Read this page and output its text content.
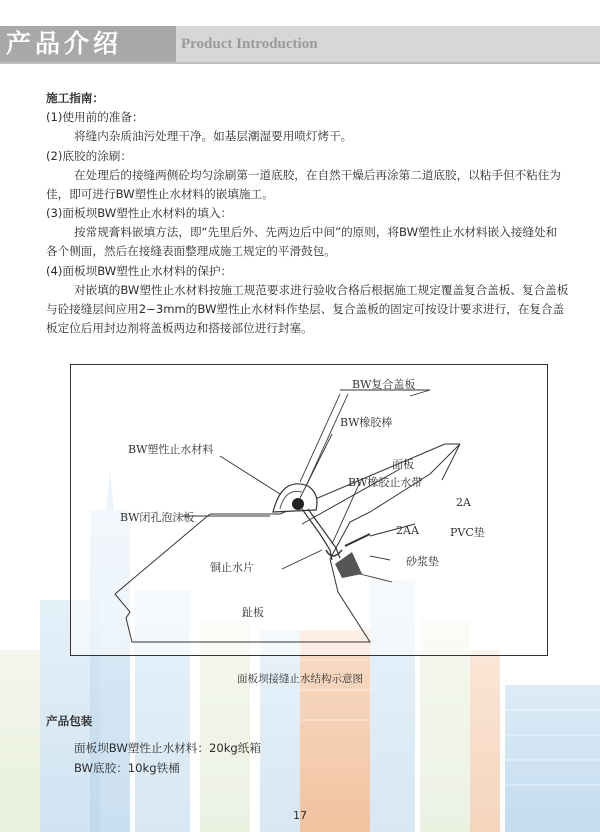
产品介绍	Product Introduction
施工指南：
(1)使用前的准备：
将缝内杂质油污处理干净。如基层潮湿要用喷灯烤干。
(2)底胶的涂刷：
在处理后的接缝两侧砼均匀涂刷第一道底胶，在自然干燥后再涂第二道底胶，以粘手但不粘住为
佳，即可进行BW塑性止水材料的嵌填施工。
(3)面板坝BW塑性止水材料的填入：
按常规膏料嵌填方法，即“先里后外、先两边后中间”的原则，将BW塑性止水材料嵌入接缝处和
各个侧面，然后在接缝表面整理成施工规定的平滑鼓包。
(4)面板坝BW塑性止水材料的保护：
对嵌填的BW塑性止水材料按施工规范要求进行验收合格后根据施工规定覆盖复合盖板、复合盖板
与砼接缝层间应用2−3mm的BW塑性止水材料作垫层、复合盖板的固定可按设计要求进行，在复合盖
板定位后用封边剂将盖板两边和搭接部位进行封塞。
BW复合盖板
BW橡胶棒
BW塑性止水材料
面板
BW橡胶止水带
2A
BW闭孔泡沫板
2AA	PVC垫
铜止水片	砂浆垫
趾板
面板坝接缝止水结构示意图
产品包装
面板坝BW塑性止水材料：20kg纸箱
BW底胶：10kg铁桶
17
